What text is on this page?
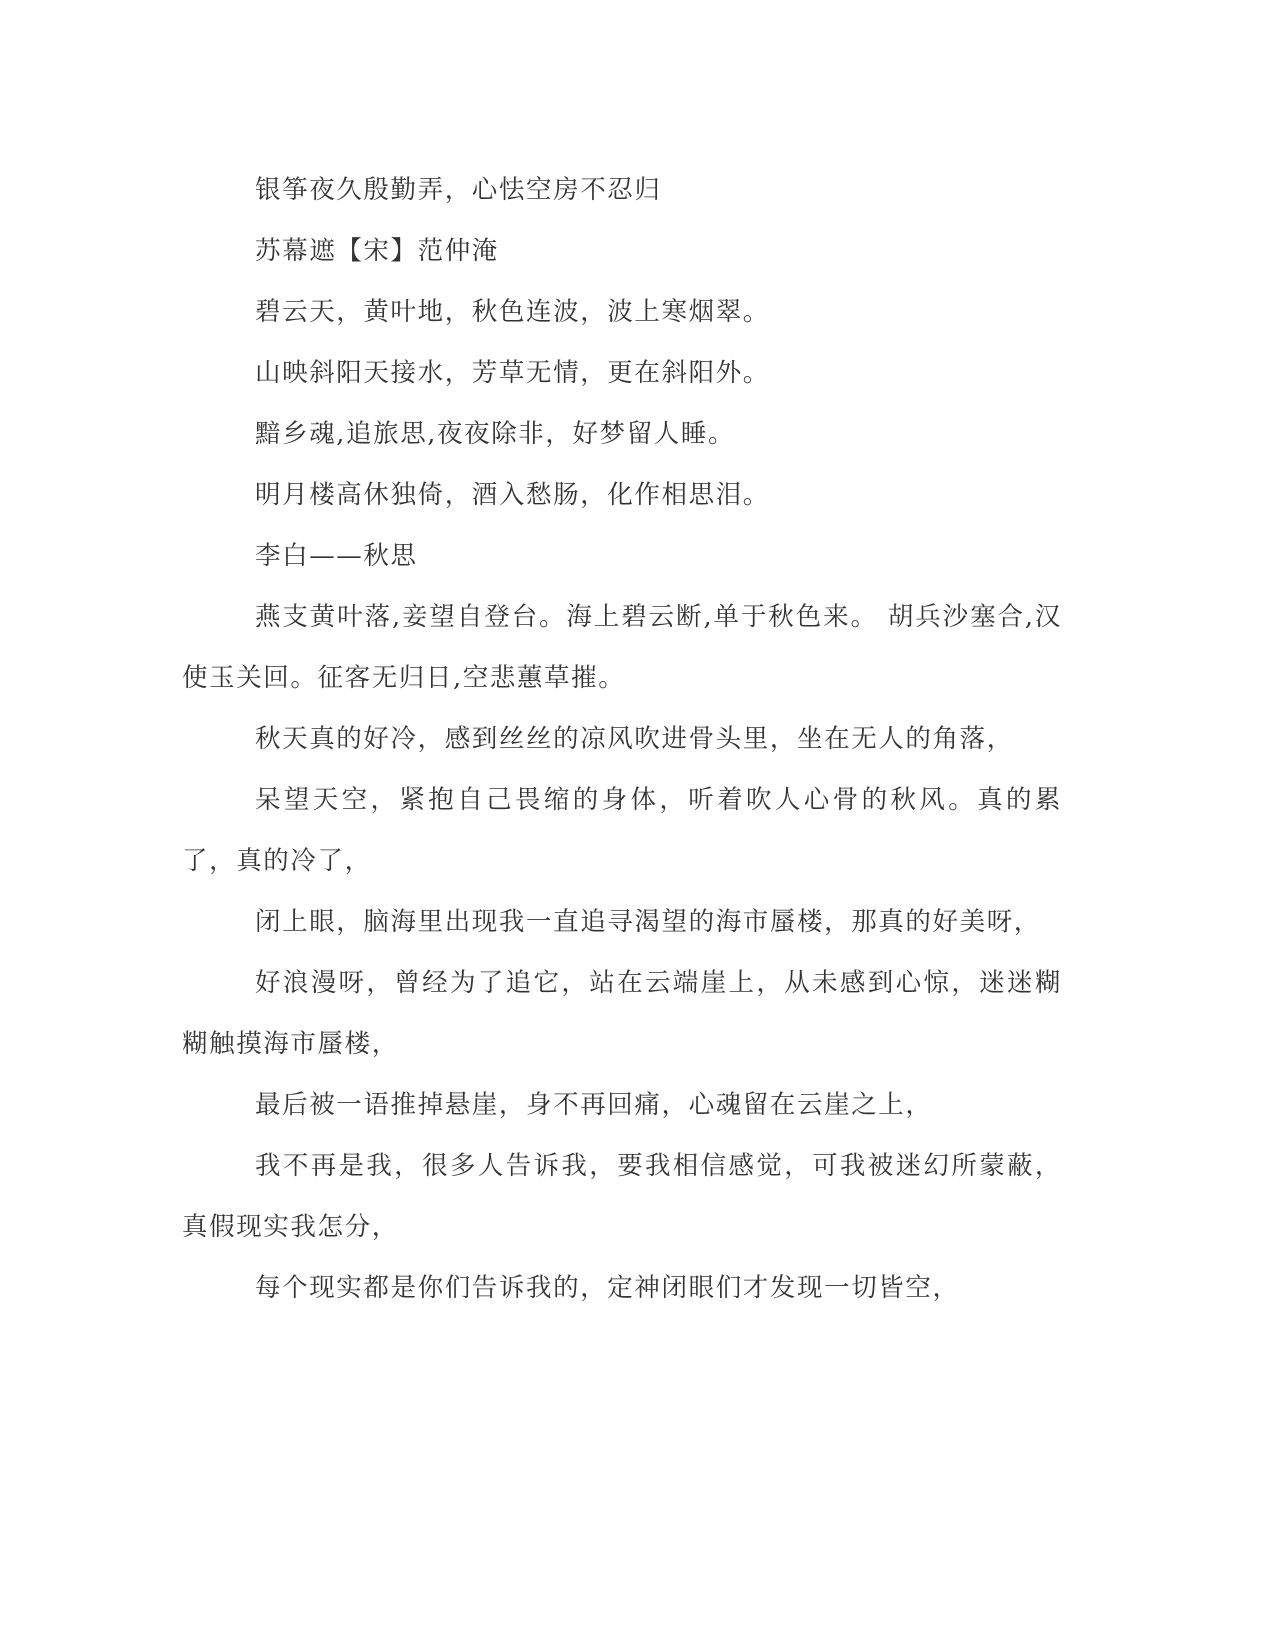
银筝夜久殷勤弄，心怯空房不忍归

苏幕遮【宋】范仲淹

碧云天，黄叶地，秋色连波，波上寒烟翠。

山映斜阳天接水，芳草无情，更在斜阳外。

黯乡魂,追旅思,夜夜除非，好梦留人睡。

明月楼高休独倚，酒入愁肠，化作相思泪。

李白——秋思

燕支黄叶落,妾望自登台。海上碧云断,单于秋色来。 胡兵沙塞合,汉使玉关回。征客无归日,空悲蕙草摧。

秋天真的好冷，感到丝丝的凉风吹进骨头里，坐在无人的角落，

呆望天空，紧抱自己畏缩的身体，听着吹人心骨的秋风。真的累了，真的冷了，

闭上眼，脑海里出现我一直追寻渴望的海市蜃楼，那真的好美呀，

好浪漫呀，曾经为了追它，站在云端崖上，从未感到心惊，迷迷糊糊触摸海市蜃楼，

最后被一语推掉悬崖，身不再回痛，心魂留在云崖之上，

我不再是我，很多人告诉我，要我相信感觉，可我被迷幻所蒙蔽，真假现实我怎分，

每个现实都是你们告诉我的，定神闭眼们才发现一切皆空，
